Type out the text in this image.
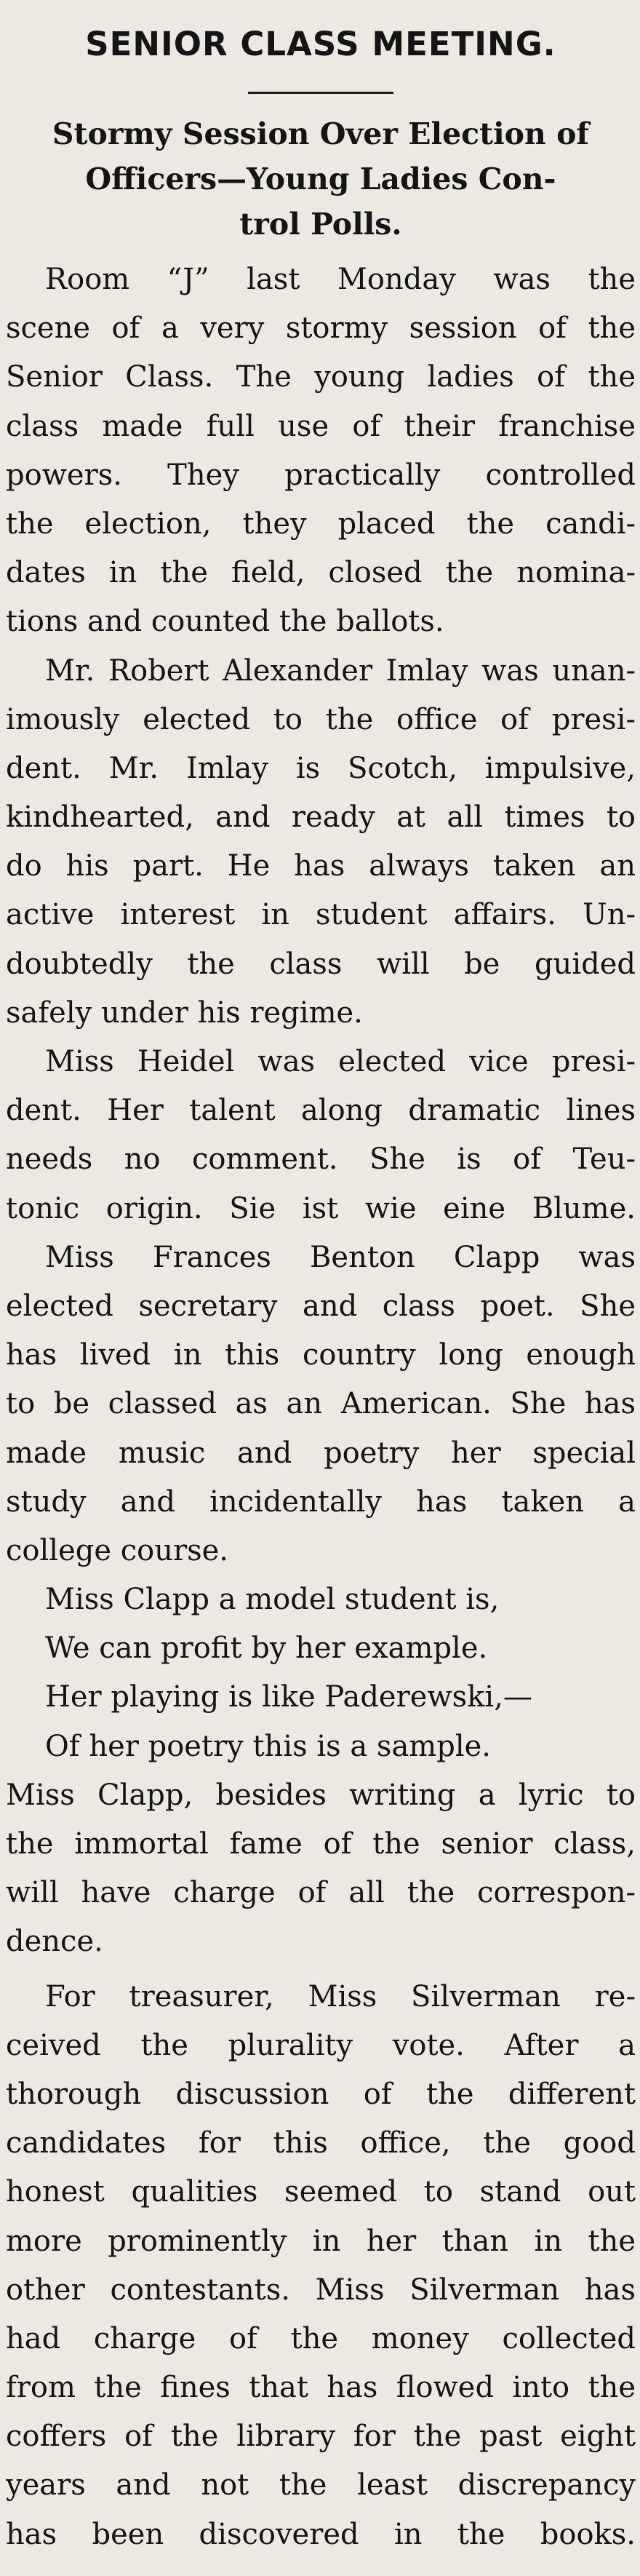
SENIOR CLASS MEETING.
Stormy Session Over Election of
Officers—Young Ladies Con-
trol Polls.
Room “J” last Monday was the
scene of a very stormy session of the
Senior Class. The young ladies of the
class made full use of their franchise
powers. They practically controlled
the election, they placed the candi-
dates in the field, closed the nomina-
tions and counted the ballots.
Mr. Robert Alexander Imlay was unan-
imously elected to the office of presi-
dent. Mr. Imlay is Scotch, impulsive,
kindhearted, and ready at all times to
do his part. He has always taken an
active interest in student affairs. Un-
doubtedly the class will be guided
safely under his regime.
Miss Heidel was elected vice presi-
dent. Her talent along dramatic lines
needs no comment. She is of Teu-
tonic origin. Sie ist wie eine Blume.
Miss Frances Benton Clapp was
elected secretary and class poet. She
has lived in this country long enough
to be classed as an American. She has
made music and poetry her special
study and incidentally has taken a
college course.
Miss Clapp a model student is,
We can profit by her example.
Her playing is like Paderewski,—
Of her poetry this is a sample.
Miss Clapp, besides writing a lyric to
the immortal fame of the senior class,
will have charge of all the correspon-
dence.
For treasurer, Miss Silverman re-
ceived the plurality vote. After a
thorough discussion of the different
candidates for this office, the good
honest qualities seemed to stand out
more prominently in her than in the
other contestants. Miss Silverman has
had charge of the money collected
from the fines that has flowed into the
coffers of the library for the past eight
years and not the least discrepancy
has been discovered in the books.
